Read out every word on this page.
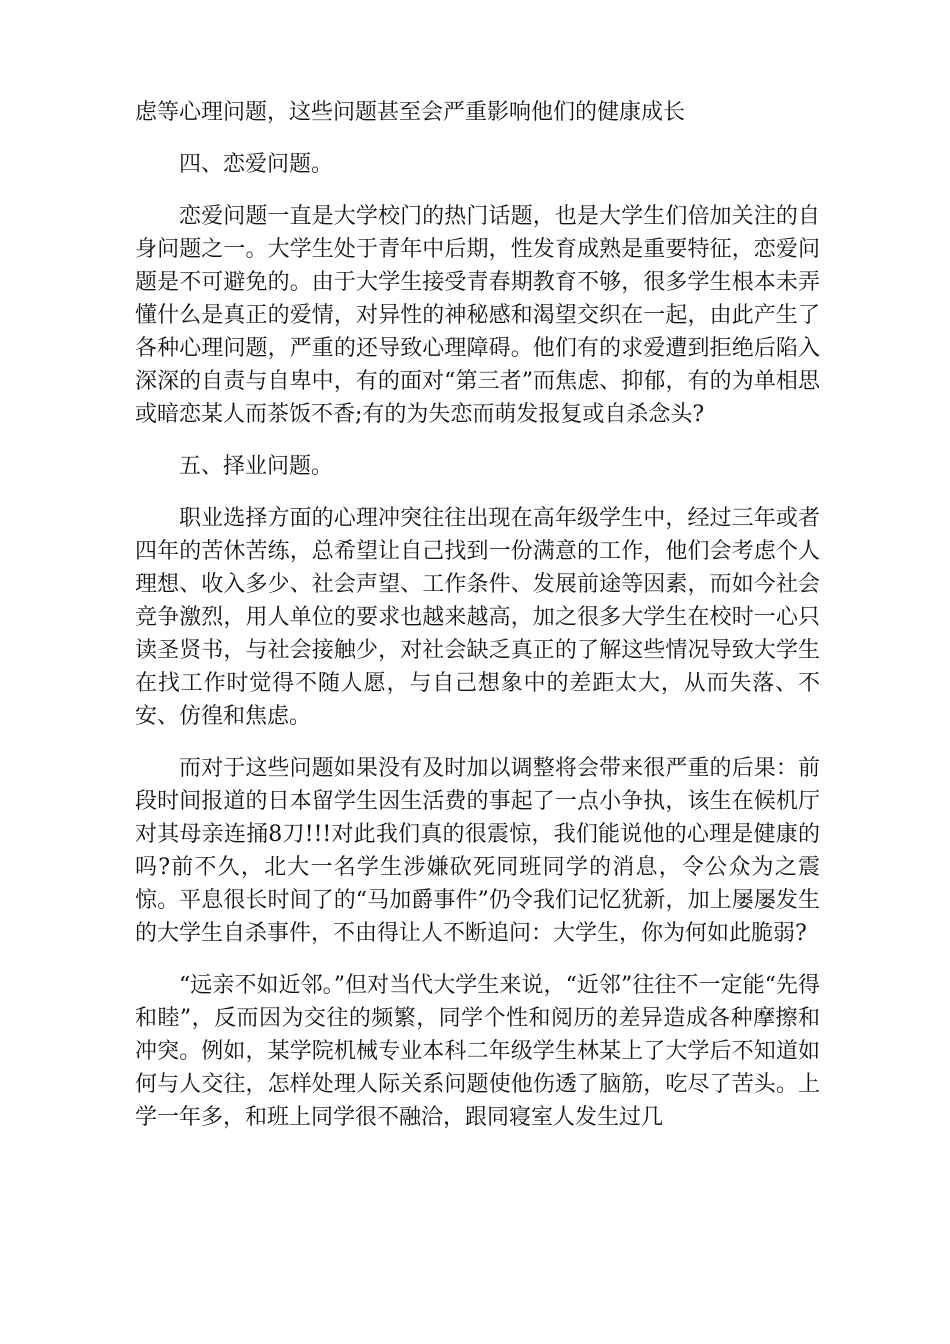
虑等心理问题，这些问题甚至会严重影响他们的健康成长

四、恋爱问题。

恋爱问题一直是大学校门的热门话题，也是大学生们倍加关注的自身问题之一。大学生处于青年中后期，性发育成熟是重要特征，恋爱问题是不可避免的。由于大学生接受青春期教育不够，很多学生根本未弄懂什么是真正的爱情，对异性的神秘感和渴望交织在一起，由此产生了各种心理问题，严重的还导致心理障碍。他们有的求爱遭到拒绝后陷入深深的自责与自卑中，有的面对“第三者”而焦虑、抑郁，有的为单相思或暗恋某人而茶饭不香;有的为失恋而萌发报复或自杀念头?

五、择业问题。

职业选择方面的心理冲突往往出现在高年级学生中，经过三年或者四年的苦休苦练，总希望让自己找到一份满意的工作，他们会考虑个人理想、收入多少、社会声望、工作条件、发展前途等因素，而如今社会竞争激烈，用人单位的要求也越来越高，加之很多大学生在校时一心只读圣贤书，与社会接触少，对社会缺乏真正的了解这些情况导致大学生在找工作时觉得不随人愿，与自己想象中的差距太大，从而失落、不安、仿徨和焦虑。

而对于这些问题如果没有及时加以调整将会带来很严重的后果：前段时间报道的日本留学生因生活费的事起了一点小争执，该生在候机厅对其母亲连捅8刀!!!对此我们真的很震惊，我们能说他的心理是健康的吗?前不久，北大一名学生涉嫌砍死同班同学的消息，令公众为之震惊。平息很长时间了的“马加爵事件”仍令我们记忆犹新，加上屡屡发生的大学生自杀事件，不由得让人不断追问：大学生，你为何如此脆弱?

“远亲不如近邻。”但对当代大学生来说，“近邻”往往不一定能“先得和睦”，反而因为交往的频繁，同学个性和阅历的差异造成各种摩擦和冲突。例如，某学院机械专业本科二年级学生林某上了大学后不知道如何与人交往，怎样处理人际关系问题使他伤透了脑筋，吃尽了苦头。上学一年多，和班上同学很不融洽，跟同寝室人发生过几
